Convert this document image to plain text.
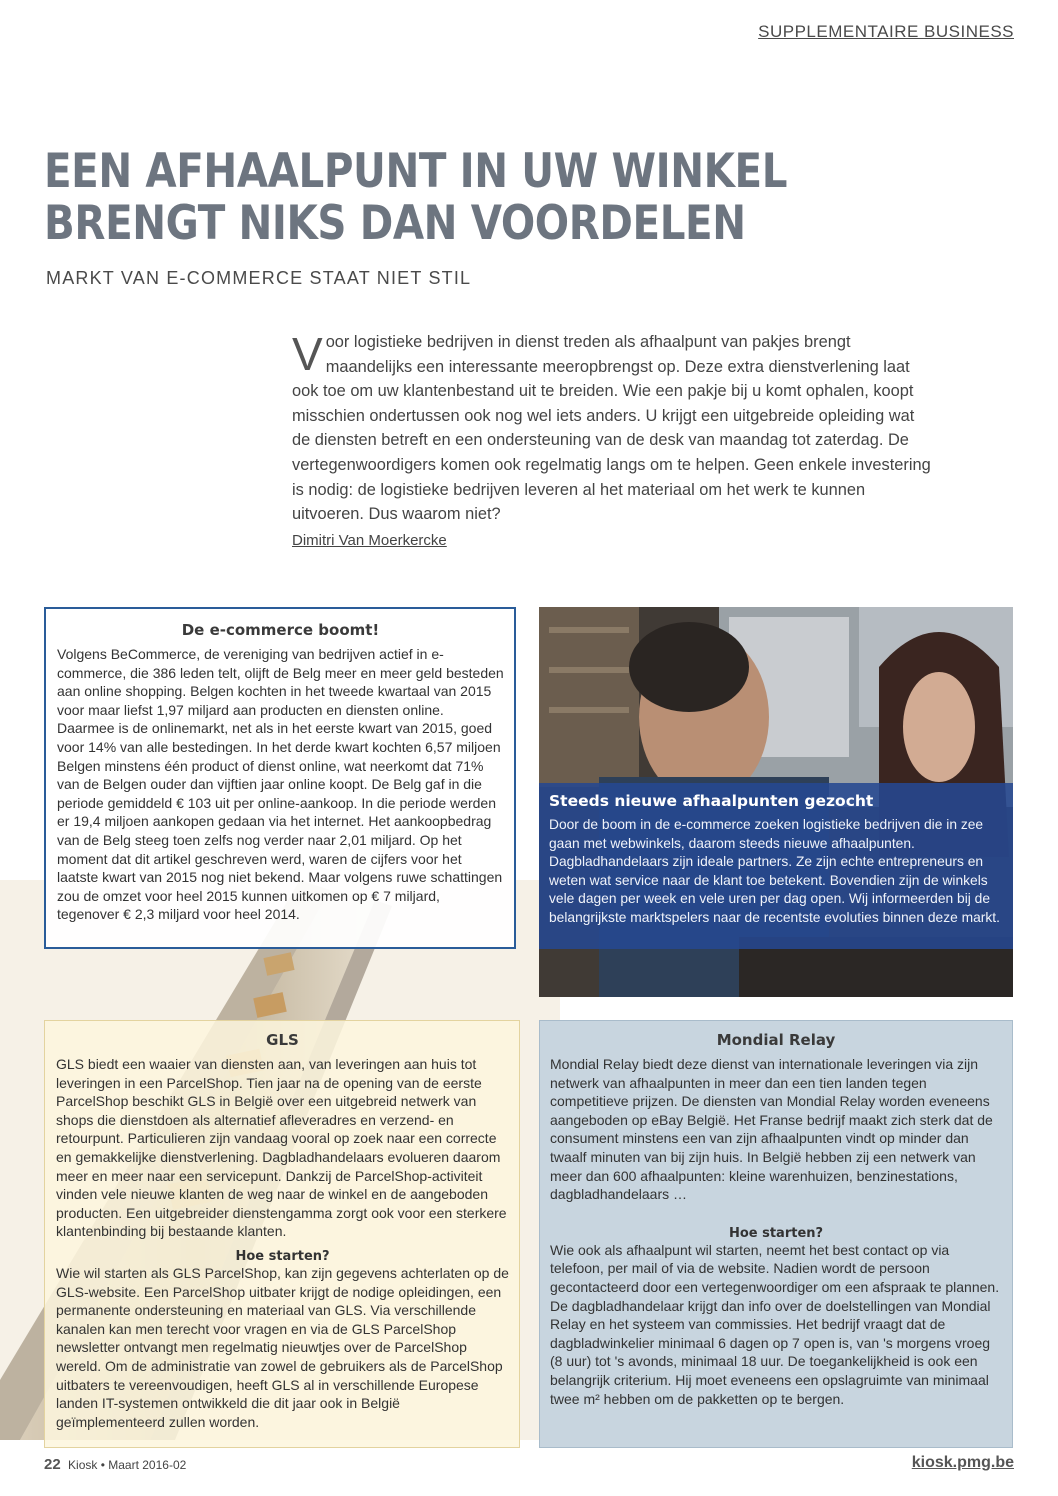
SUPPLEMENTAIRE BUSINESS
EEN AFHAALPUNT IN UW WINKEL
BRENGT NIKS DAN VOORDELEN
MARKT VAN E-COMMERCE STAAT NIET STIL
V oor logistieke bedrijven in dienst treden als afhaalpunt van pakjes brengt maandelijks een interessante meeropbrengst op. Deze extra dienstverlening laat ook toe om uw klantenbestand uit te breiden. Wie een pakje bij u komt ophalen, koopt misschien ondertussen ook nog wel iets anders. U krijgt een uitgebreide opleiding wat de diensten betreft en een ondersteuning van de desk van maandag tot zaterdag. De vertegenwoordigers komen ook regelmatig langs om te helpen. Geen enkele investering is nodig: de logistieke bedrijven leveren al het materiaal om het werk te kunnen uitvoeren. Dus waarom niet?
Dimitri Van Moerkercke
De e-commerce boomt!
Volgens BeCommerce, de vereniging van bedrijven actief in e-commerce, die 386 leden telt, olijft de Belg meer en meer geld besteden aan online shopping. Belgen kochten in het tweede kwartaal van 2015 voor maar liefst 1,97 miljard aan producten en diensten online. Daarmee is de onlinemarkt, net als in het eerste kwart van 2015, goed voor 14% van alle bestedingen. In het derde kwart kochten 6,57 miljoen Belgen minstens één product of dienst online, wat neerkomt dat 71% van de Belgen ouder dan vijftien jaar online koopt. De Belg gaf in die periode gemiddeld € 103 uit per online-aankoop. In die periode werden er 19,4 miljoen aankopen gedaan via het internet. Het aankoopbedrag van de Belg steeg toen zelfs nog verder naar 2,01 miljard. Op het moment dat dit artikel geschreven werd, waren de cijfers voor het laatste kwart van 2015 nog niet bekend. Maar volgens ruwe schattingen zou de omzet voor heel 2015 kunnen uitkomen op € 7 miljard, tegenover € 2,3 miljard voor heel 2014.
Steeds nieuwe afhaalpunten gezocht
Door de boom in de e-commerce zoeken logistieke bedrijven die in zee gaan met webwinkels, daarom steeds nieuwe afhaalpunten. Dagbladhandelaars zijn ideale partners. Ze zijn echte entrepreneurs en weten wat service naar de klant toe betekent. Bovendien zijn de winkels vele dagen per week en vele uren per dag open. Wij informeerden bij de belangrijkste marktspelers naar de recentste evoluties binnen deze markt.
GLS
GLS biedt een waaier van diensten aan, van leveringen aan huis tot leveringen in een ParcelShop. Tien jaar na de opening van de eerste ParcelShop beschikt GLS in België over een uitgebreid netwerk van shops die dienstdoen als alternatief afleveradres en verzend- en retourpunt. Particulieren zijn vandaag vooral op zoek naar een correcte en gemakkelijke dienstverlening. Dagbladhandelaars evolueren daarom meer en meer naar een servicepunt. Dankzij de ParcelShop-activiteit vinden vele nieuwe klanten de weg naar de winkel en de aangeboden producten. Een uitgebreider dienstengamma zorgt ook voor een sterkere klantenbinding bij bestaande klanten.
Hoe starten?
Wie wil starten als GLS ParcelShop, kan zijn gegevens achterlaten op de GLS-website. Een ParcelShop uitbater krijgt de nodige opleidingen, een permanente ondersteuning en materiaal van GLS. Via verschillende kanalen kan men terecht voor vragen en via de GLS ParcelShop newsletter ontvangt men regelmatig nieuwtjes over de ParcelShop wereld. Om de administratie van zowel de gebruikers als de ParcelShop uitbaters te vereenvoudigen, heeft GLS al in verschillende Europese landen IT-systemen ontwikkeld die dit jaar ook in België geïmplementeerd zullen worden.
Mondial Relay
Mondial Relay biedt deze dienst van internationale leveringen via zijn netwerk van afhaalpunten in meer dan een tien landen tegen competitieve prijzen. De diensten van Mondial Relay worden eveneens aangeboden op eBay België. Het Franse bedrijf maakt zich sterk dat de consument minstens een van zijn afhaalpunten vindt op minder dan twaalf minuten van bij zijn huis. In België hebben zij een netwerk van meer dan 600 afhaalpunten: kleine warenhuizen, benzinestations, dagbladhandelaars …
Hoe starten?
Wie ook als afhaalpunt wil starten, neemt het best contact op via telefoon, per mail of via de website. Nadien wordt de persoon gecontacteerd door een vertegenwoordiger om een afspraak te plannen. De dagbladhandelaar krijgt dan info over de doelstellingen van Mondial Relay en het systeem van commissies. Het bedrijf vraagt dat de dagbladwinkelier minimaal 6 dagen op 7 open is, van 's morgens vroeg (8 uur) tot 's avonds, minimaal 18 uur. De toegankelijkheid is ook een belangrijk criterium. Hij moet eveneens een opslagruimte van minimaal twee m² hebben om de pakketten op te bergen.
22 Kiosk • Maart 2016-02	kiosk.pmg.be
